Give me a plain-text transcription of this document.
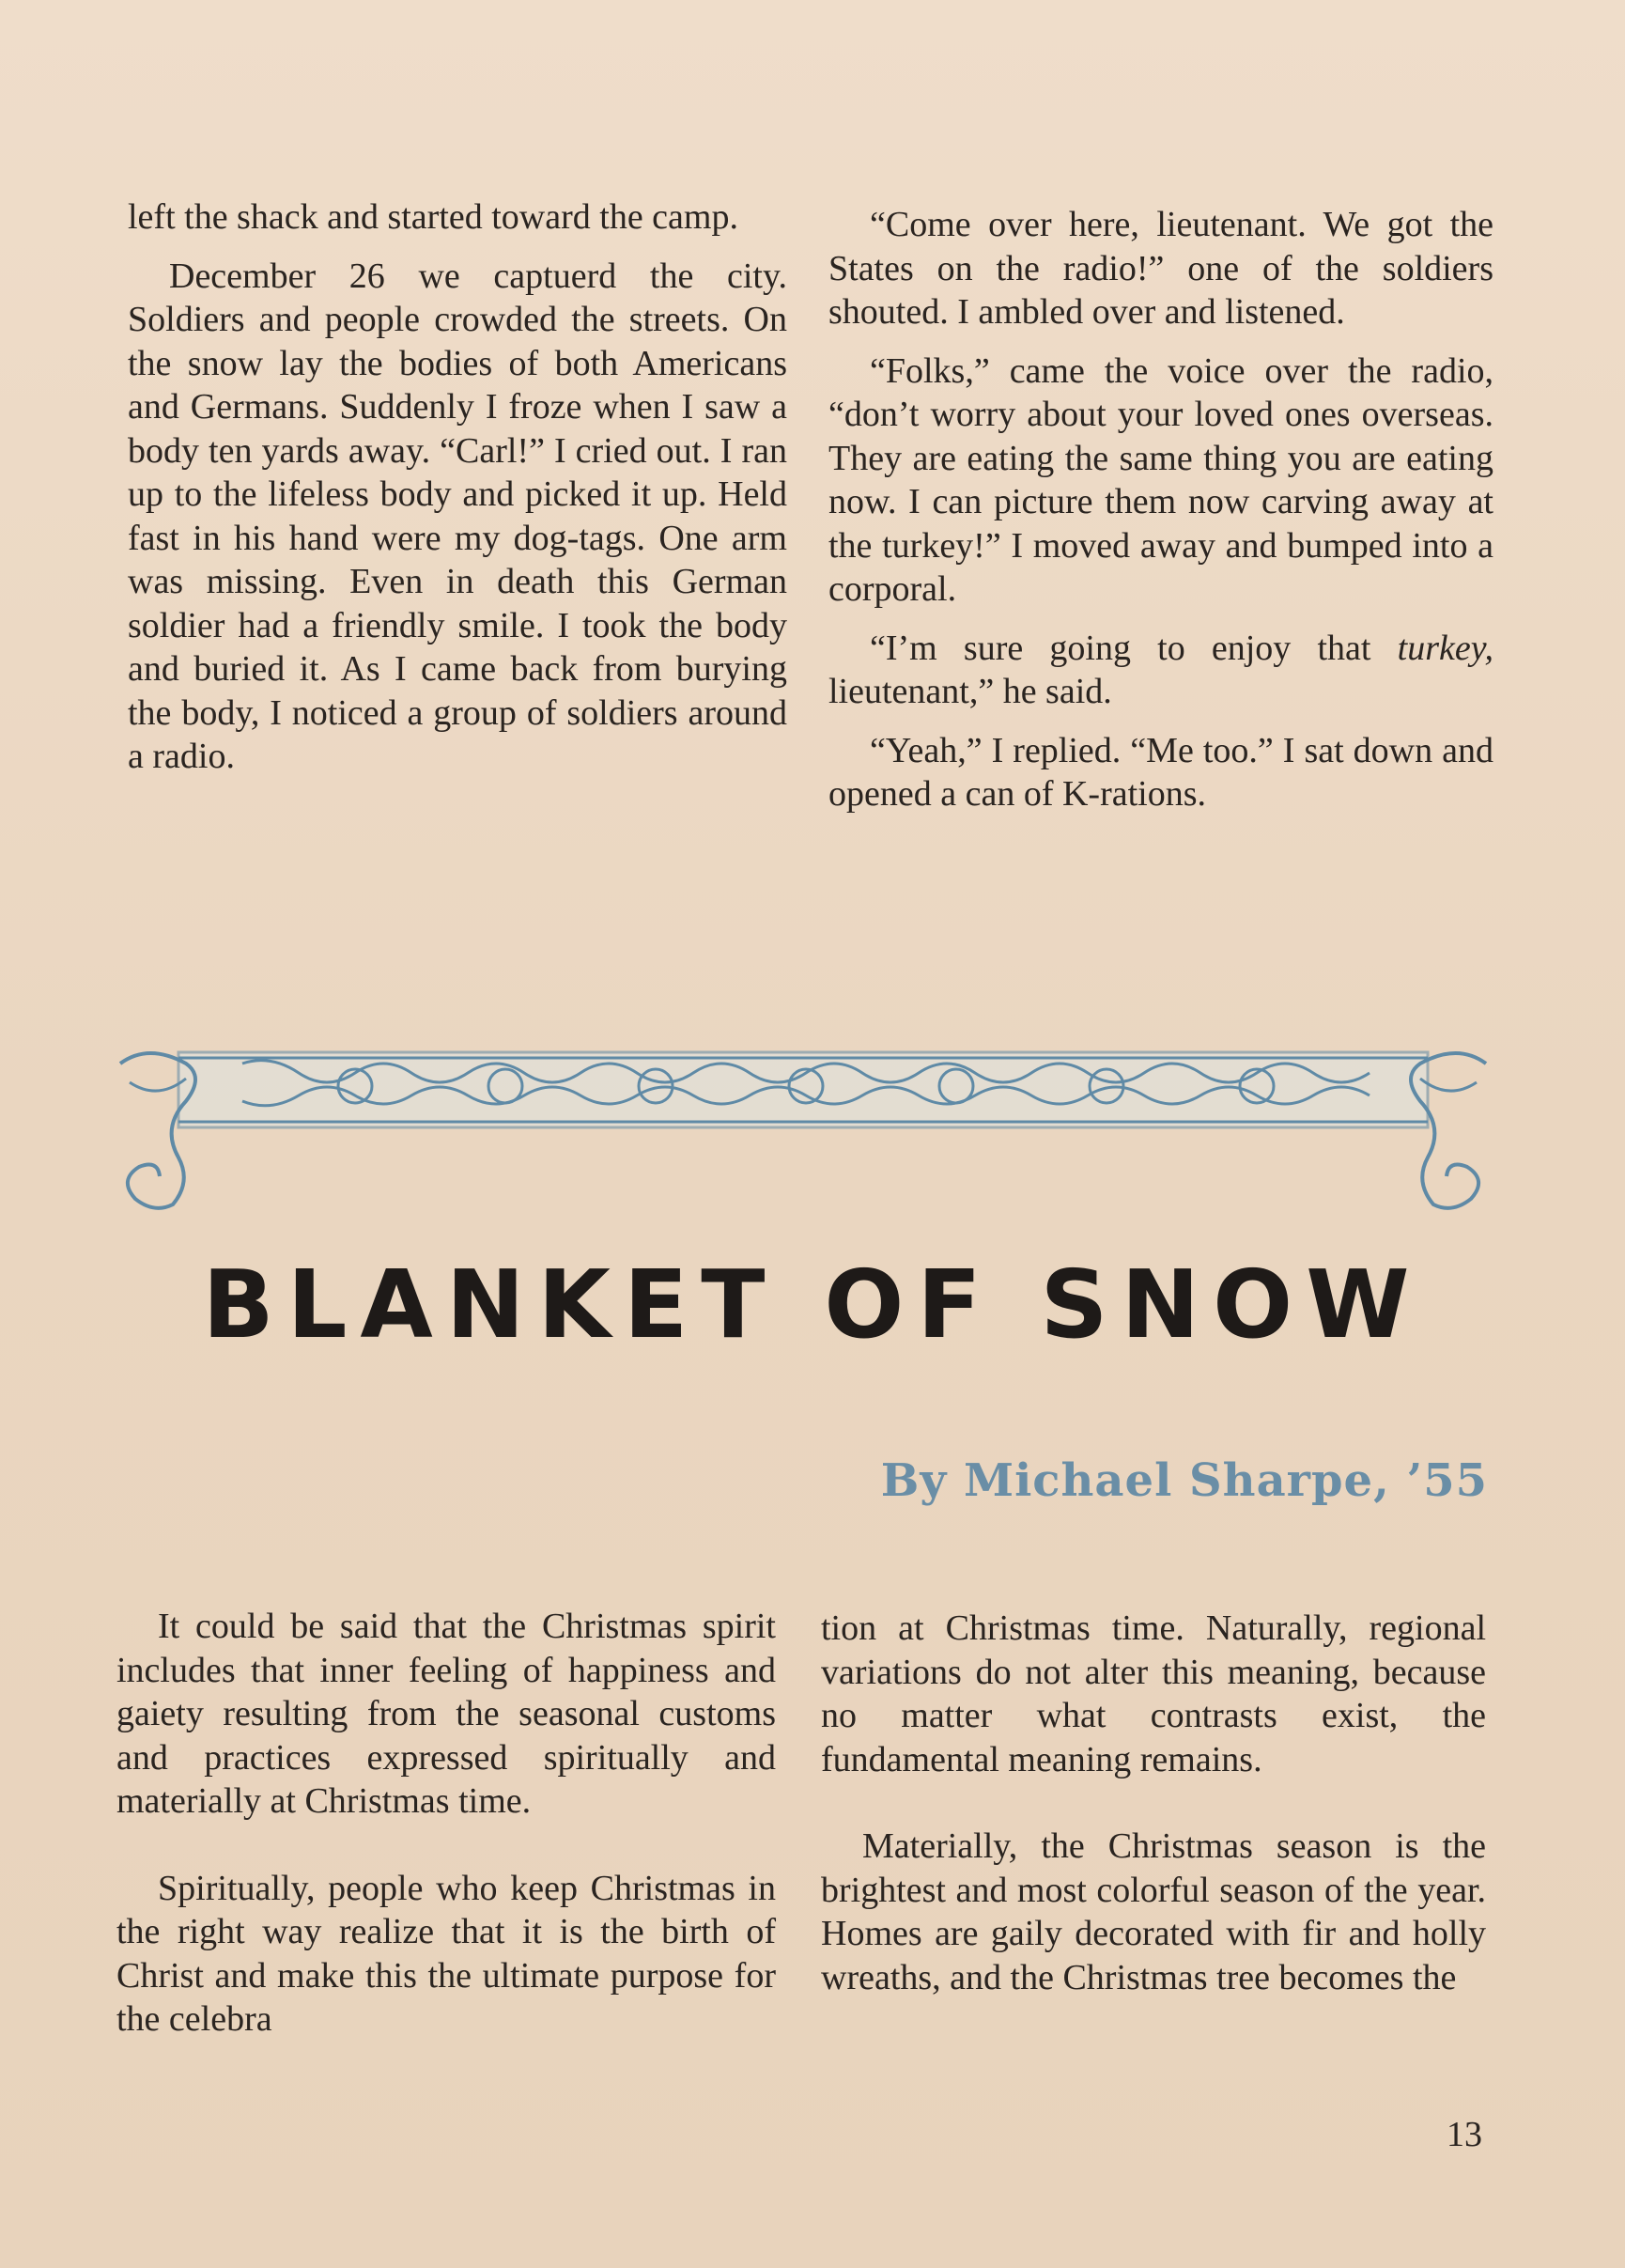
left the shack and started toward the camp.

December 26 we captuerd the city. Soldiers and people crowded the streets. On the snow lay the bodies of both Americans and Germans. Suddenly I froze when I saw a body ten yards away. “Carl!” I cried out. I ran up to the lifeless body and picked it up. Held fast in his hand were my dog-tags. One arm was missing. Even in death this German soldier had a friendly smile. I took the body and buried it. As I came back from burying the body, I noticed a group of soldiers around a radio.

“Come over here, lieutenant. We got the States on the radio!” one of the soldiers shouted. I ambled over and listened.

“Folks,” came the voice over the radio, “don’t worry about your loved ones overseas. They are eating the same thing you are eating now. I can picture them now carving away at the turkey!” I moved away and bumped into a corporal.

“I’m sure going to enjoy that turkey, lieutenant,” he said.

“Yeah,” I replied. “Me too.” I sat down and opened a can of K-rations.

BLANKET OF SNOW
By Michael Sharpe, ’55

It could be said that the Christmas spirit includes that inner feeling of happiness and gaiety resulting from the seasonal customs and practices expressed spiritually and materially at Christmas time.

Spiritually, people who keep Christmas in the right way realize that it is the birth of Christ and make this the ultimate purpose for the celebra

tion at Christmas time. Naturally, regional variations do not alter this meaning, because no matter what contrasts exist, the fundamental meaning remains.

Materially, the Christmas season is the brightest and most colorful season of the year. Homes are gaily decorated with fir and holly wreaths, and the Christmas tree becomes the

13
